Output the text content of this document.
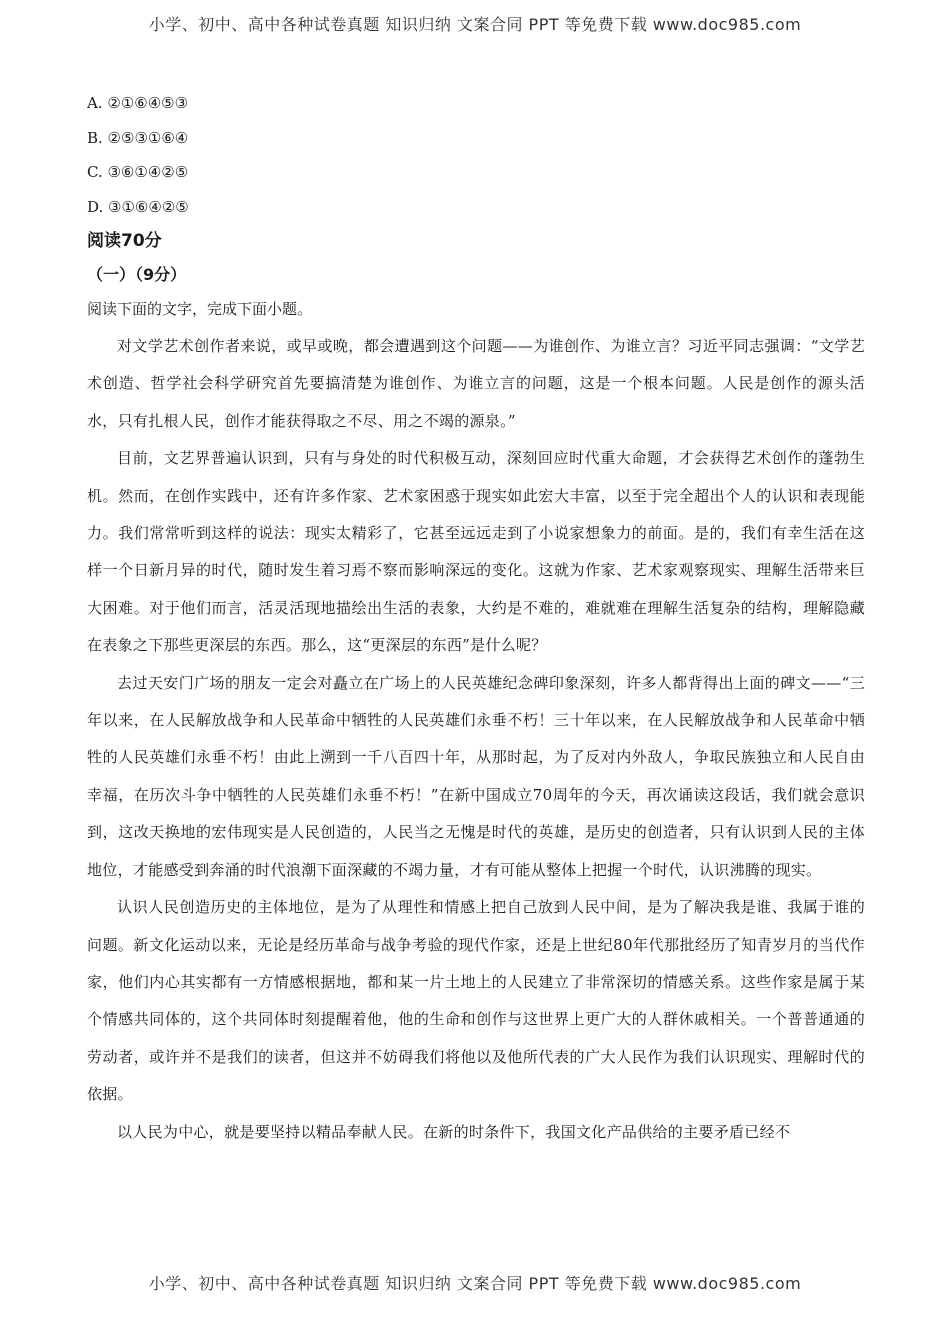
小学、初中、高中各种试卷真题 知识归纳 文案合同 PPT 等免费下载 www.doc985.com
A. ②①⑥④⑤③
B. ②⑤③①⑥④
C. ③⑥①④②⑤
D. ③①⑥④②⑤
阅读70分
（一）（9分）
阅读下面的文字，完成下面小题。

对文学艺术创作者来说，或早或晚，都会遭遇到这个问题——为谁创作、为谁立言？习近平同志强调：“文学艺术创造、哲学社会科学研究首先要搞清楚为谁创作、为谁立言的问题，这是一个根本问题。人民是创作的源头活水，只有扎根人民，创作才能获得取之不尽、用之不竭的源泉。”

目前，文艺界普遍认识到，只有与身处的时代积极互动，深刻回应时代重大命题，才会获得艺术创作的蓬勃生机。然而，在创作实践中，还有许多作家、艺术家困惑于现实如此宏大丰富，以至于完全超出个人的认识和表现能力。我们常常听到这样的说法：现实太精彩了，它甚至远远走到了小说家想象力的前面。是的，我们有幸生活在这样一个日新月异的时代，随时发生着习焉不察而影响深远的变化。这就为作家、艺术家观察现实、理解生活带来巨大困难。对于他们而言，活灵活现地描绘出生活的表象，大约是不难的，难就难在理解生活复杂的结构，理解隐藏在表象之下那些更深层的东西。那么，这“更深层的东西”是什么呢？

去过天安门广场的朋友一定会对矗立在广场上的人民英雄纪念碑印象深刻，许多人都背得出上面的碑文——“三年以来，在人民解放战争和人民革命中牺牲的人民英雄们永垂不朽！三十年以来，在人民解放战争和人民革命中牺牲的人民英雄们永垂不朽！由此上溯到一千八百四十年，从那时起，为了反对内外敌人，争取民族独立和人民自由幸福，在历次斗争中牺牲的人民英雄们永垂不朽！”在新中国成立70周年的今天，再次诵读这段话，我们就会意识到，这改天换地的宏伟现实是人民创造的，人民当之无愧是时代的英雄，是历史的创造者，只有认识到人民的主体地位，才能感受到奔涌的时代浪潮下面深藏的不竭力量，才有可能从整体上把握一个时代，认识沸腾的现实。

认识人民创造历史的主体地位，是为了从理性和情感上把自己放到人民中间，是为了解决我是谁、我属于谁的问题。新文化运动以来，无论是经历革命与战争考验的现代作家，还是上世纪80年代那批经历了知青岁月的当代作家，他们内心其实都有一方情感根据地，都和某一片土地上的人民建立了非常深切的情感关系。这些作家是属于某个情感共同体的，这个共同体时刻提醒着他，他的生命和创作与这世界上更广大的人群休戚相关。一个普普通通的劳动者，或许并不是我们的读者，但这并不妨碍我们将他以及他所代表的广大人民作为我们认识现实、理解时代的依据。

以人民为中心，就是要坚持以精品奉献人民。在新的时条件下，我国文化产品供给的主要矛盾已经不

小学、初中、高中各种试卷真题 知识归纳 文案合同 PPT 等免费下载 www.doc985.com
